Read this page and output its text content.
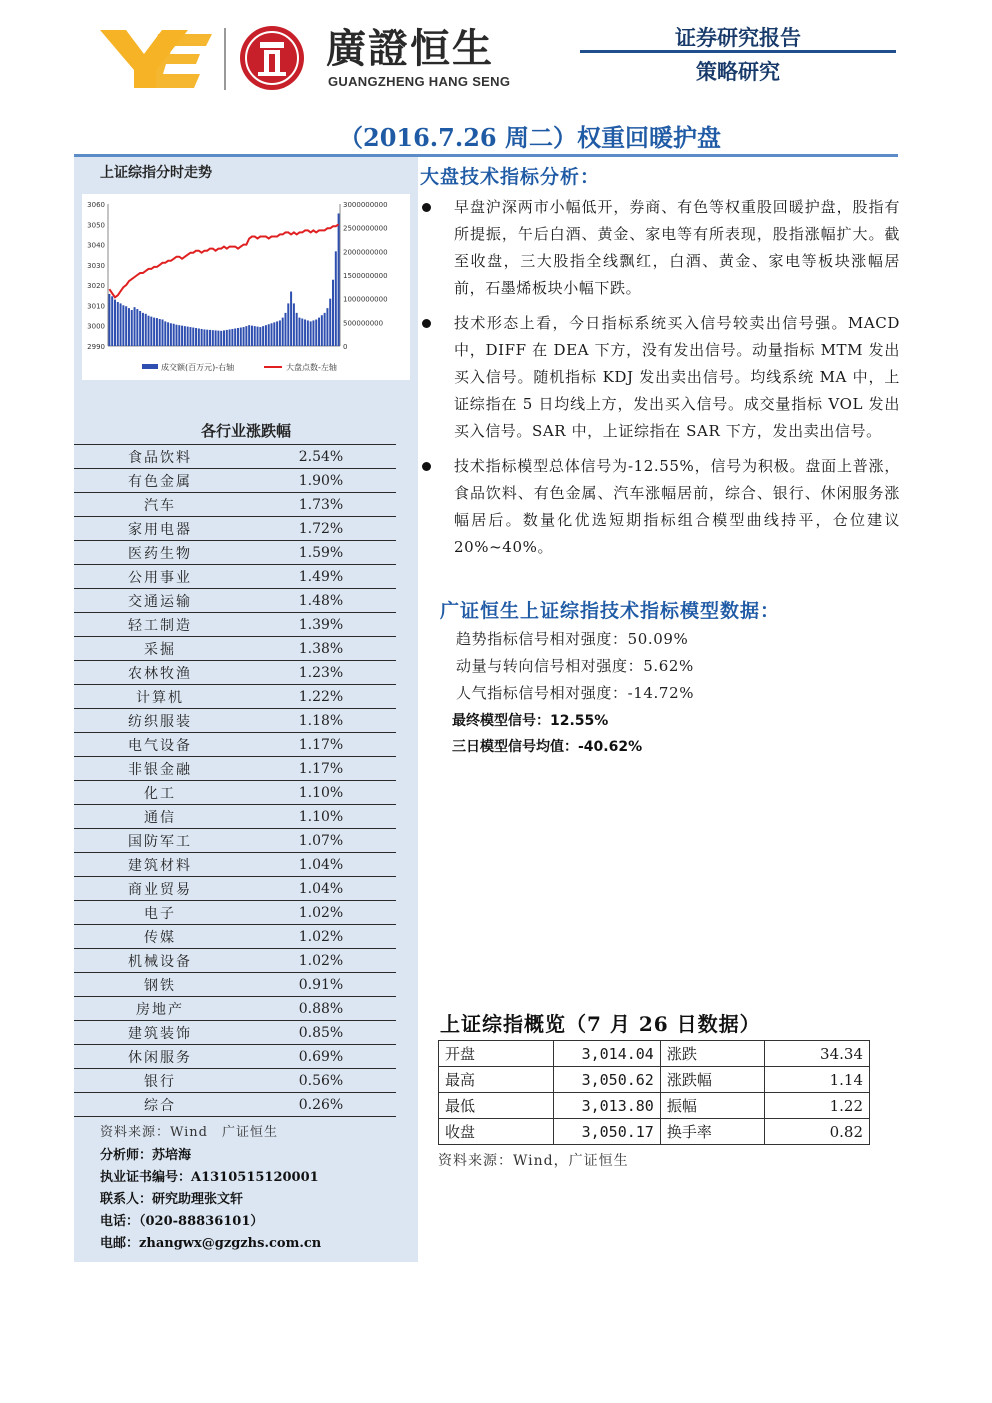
廣證恒生
GUANGZHENG HANG SENG
证券研究报告
策略研究
（2016.7.26 周二）权重回暖护盘
上证综指分时走势
3060
3050
3040
3030
3020
3010
3000
2990
3000000000
2500000000
2000000000
1500000000
1000000000
500000000
0
成交额(百万元)-右轴	大盘点数-左轴
各行业涨跌幅
食品饮料	2.54%
有色金属	1.90%
汽车	1.73%
家用电器	1.72%
医药生物	1.59%
公用事业	1.49%
交通运输	1.48%
轻工制造	1.39%
采掘	1.38%
农林牧渔	1.23%
计算机	1.22%
纺织服装	1.18%
电气设备	1.17%
非银金融	1.17%
化工	1.10%
通信	1.10%
国防军工	1.07%
建筑材料	1.04%
商业贸易	1.04%
电子	1.02%
传媒	1.02%
机械设备	1.02%
钢铁	0.91%
房地产	0.88%
建筑装饰	0.85%
休闲服务	0.69%
银行	0.56%
综合	0.26%
资料来源：Wind　广证恒生
分析师：苏培海
执业证书编号：A1310515120001
联系人：研究助理张文轩
电话：（020-88836101）
电邮：zhangwx@gzgzhs.com.cn
大盘技术指标分析：
早盘沪深两市小幅低开，券商、有色等权重股回暖护盘，股指有所提振，午后白酒、黄金、家电等有所表现，股指涨幅扩大。截至收盘，三大股指全线飘红，白酒、黄金、家电等板块涨幅居前，石墨烯板块小幅下跌。
技术形态上看，今日指标系统买入信号较卖出信号强。MACD 中，DIFF 在 DEA 下方，没有发出信号。动量指标 MTM 发出买入信号。随机指标 KDJ 发出卖出信号。均线系统 MA 中，上证综指在 5 日均线上方，发出买入信号。成交量指标 VOL 发出买入信号。SAR 中，上证综指在 SAR 下方，发出卖出信号。
技术指标模型总体信号为-12.55%，信号为积极。盘面上普涨，食品饮料、有色金属、汽车涨幅居前，综合、银行、休闲服务涨幅居后。数量化优选短期指标组合模型曲线持平，仓位建议 20%~40%。
广证恒生上证综指技术指标模型数据：
趋势指标信号相对强度：50.09%
动量与转向信号相对强度：5.62%
人气指标信号相对强度：-14.72%
最终模型信号：12.55%
三日模型信号均值：-40.62%
上证综指概览（7 月 26 日数据）
开盘	3,014.04	涨跌	34.34
最高	3,050.62	涨跌幅	1.14
最低	3,013.80	振幅	1.22
收盘	3,050.17	换手率	0.82
资料来源：Wind，广证恒生
